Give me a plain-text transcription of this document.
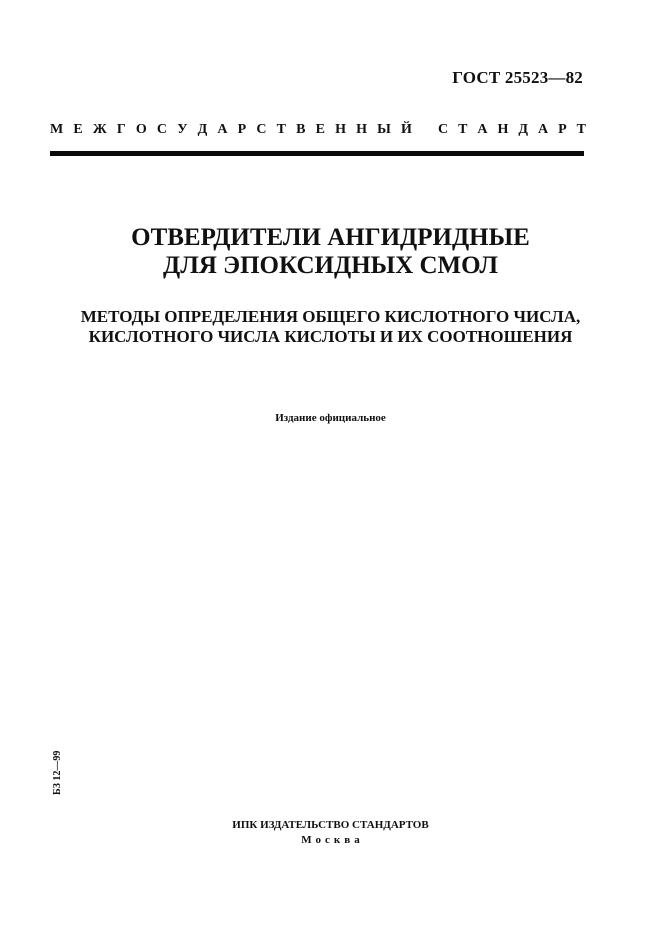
ГОСТ 25523—82
М Е Ж Г О С У Д А Р С Т В Е Н Н Ы Й С Т А Н Д А Р Т
ОТВЕРДИТЕЛИ АНГИДРИДНЫЕ
ДЛЯ ЭПОКСИДНЫХ СМОЛ
МЕТОДЫ ОПРЕДЕЛЕНИЯ ОБЩЕГО КИСЛОТНОГО ЧИСЛА,
КИСЛОТНОГО ЧИСЛА КИСЛОТЫ И ИХ СООТНОШЕНИЯ
Издание официальное
БЗ 12—99
ИПК ИЗДАТЕЛЬСТВО СТАНДАРТОВ
Москва
